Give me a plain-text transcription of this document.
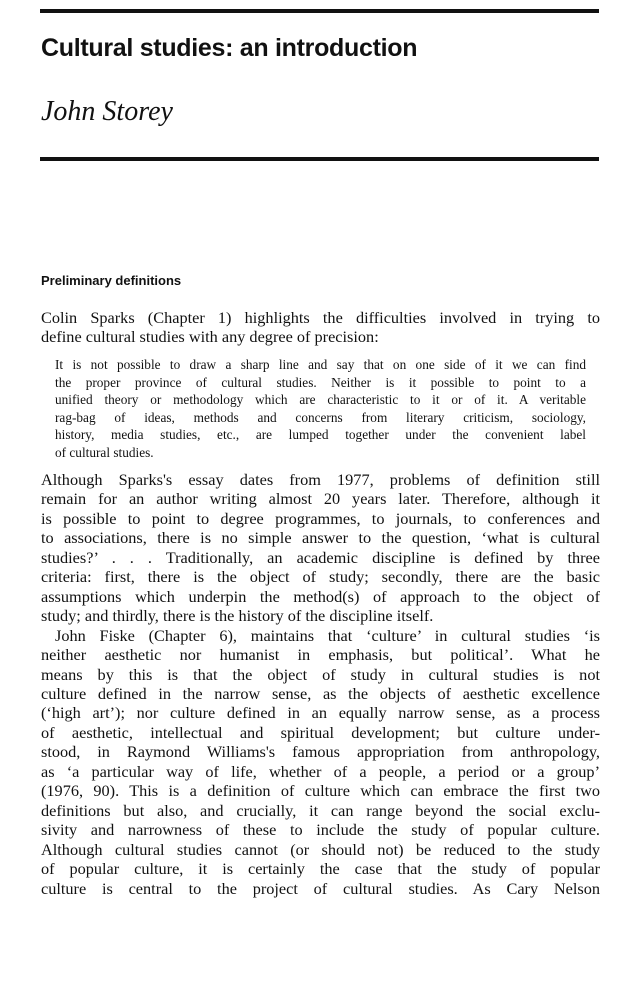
Cultural studies: an introduction
John Storey
Preliminary definitions
Colin Sparks (Chapter 1) highlights the difficulties involved in trying to
define cultural studies with any degree of precision:
It is not possible to draw a sharp line and say that on one side of it we can find
the proper province of cultural studies. Neither is it possible to point to a
unified theory or methodology which are characteristic to it or of it. A veritable
rag-bag of ideas, methods and concerns from literary criticism, sociology,
history, media studies, etc., are lumped together under the convenient label
of cultural studies.
Although Sparks's essay dates from 1977, problems of definition still
remain for an author writing almost 20 years later. Therefore, although it
is possible to point to degree programmes, to journals, to conferences and
to associations, there is no simple answer to the question, ‘what is cultural
studies?’ . . . Traditionally, an academic discipline is defined by three
criteria: first, there is the object of study; secondly, there are the basic
assumptions which underpin the method(s) of approach to the object of
study; and thirdly, there is the history of the discipline itself.
John Fiske (Chapter 6), maintains that ‘culture’ in cultural studies ‘is
neither aesthetic nor humanist in emphasis, but political’. What he
means by this is that the object of study in cultural studies is not
culture defined in the narrow sense, as the objects of aesthetic excellence
(‘high art’); nor culture defined in an equally narrow sense, as a process
of aesthetic, intellectual and spiritual development; but culture under-
stood, in Raymond Williams's famous appropriation from anthropology,
as ‘a particular way of life, whether of a people, a period or a group’
(1976, 90). This is a definition of culture which can embrace the first two
definitions but also, and crucially, it can range beyond the social exclu-
sivity and narrowness of these to include the study of popular culture.
Although cultural studies cannot (or should not) be reduced to the study
of popular culture, it is certainly the case that the study of popular
culture is central to the project of cultural studies. As Cary Nelson
